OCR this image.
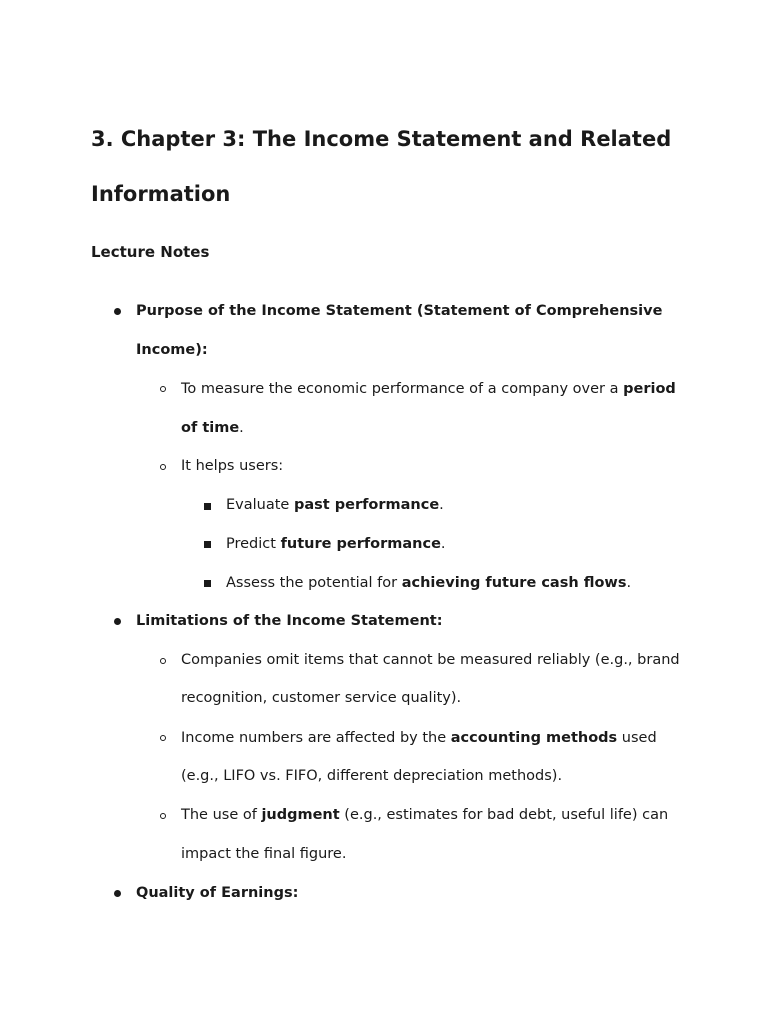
3. Chapter 3: The Income Statement and Related
Information
Lecture Notes
Purpose of the Income Statement (Statement of Comprehensive
Income):
To measure the economic performance of a company over a period
of time.
It helps users:
Evaluate past performance.
Predict future performance.
Assess the potential for achieving future cash flows.
Limitations of the Income Statement:
Companies omit items that cannot be measured reliably (e.g., brand
recognition, customer service quality).
Income numbers are affected by the accounting methods used
(e.g., LIFO vs. FIFO, different depreciation methods).
The use of judgment (e.g., estimates for bad debt, useful life) can
impact the final figure.
Quality of Earnings:
